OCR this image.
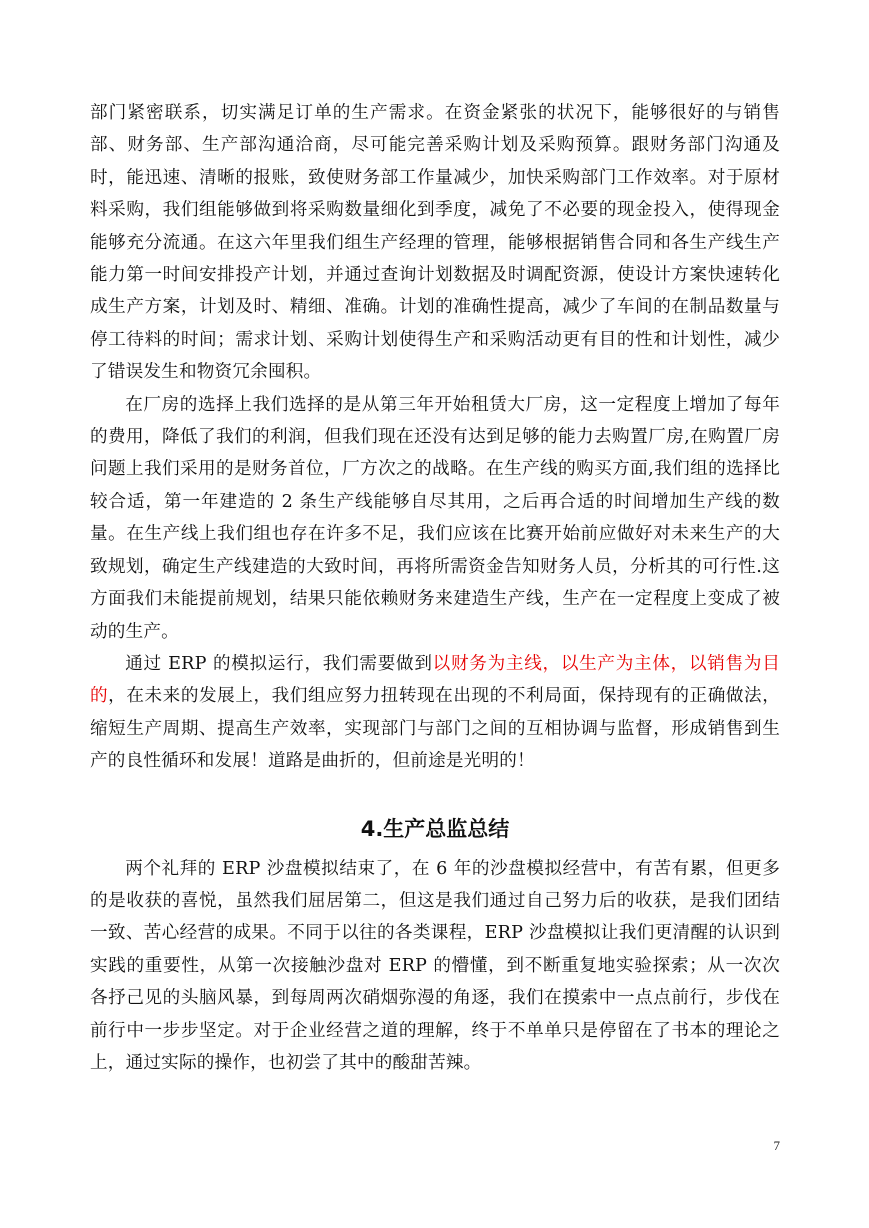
部门紧密联系，切实满足订单的生产需求。在资金紧张的状况下，能够很好的与销售部、财务部、生产部沟通洽商，尽可能完善采购计划及采购预算。跟财务部门沟通及时，能迅速、清晰的报账，致使财务部工作量减少，加快采购部门工作效率。对于原材料采购，我们组能够做到将采购数量细化到季度，减免了不必要的现金投入，使得现金能够充分流通。在这六年里我们组生产经理的管理，能够根据销售合同和各生产线生产能力第一时间安排投产计划，并通过查询计划数据及时调配资源，使设计方案快速转化成生产方案，计划及时、精细、准确。计划的准确性提高，减少了车间的在制品数量与停工待料的时间；需求计划、采购计划使得生产和采购活动更有目的性和计划性，减少了错误发生和物资冗余囤积。

在厂房的选择上我们选择的是从第三年开始租赁大厂房，这一定程度上增加了每年的费用，降低了我们的利润，但我们现在还没有达到足够的能力去购置厂房,在购置厂房问题上我们采用的是财务首位，厂方次之的战略。在生产线的购买方面,我们组的选择比较合适，第一年建造的 2 条生产线能够自尽其用，之后再合适的时间增加生产线的数量。在生产线上我们组也存在许多不足，我们应该在比赛开始前应做好对未来生产的大致规划，确定生产线建造的大致时间，再将所需资金告知财务人员，分析其的可行性.这方面我们未能提前规划，结果只能依赖财务来建造生产线，生产在一定程度上变成了被动的生产。

通过 ERP 的模拟运行，我们需要做到以财务为主线，以生产为主体，以销售为目的，在未来的发展上，我们组应努力扭转现在出现的不利局面，保持现有的正确做法，缩短生产周期、提高生产效率，实现部门与部门之间的互相协调与监督，形成销售到生产的良性循环和发展！道路是曲折的，但前途是光明的！

4.生产总监总结

两个礼拜的 ERP 沙盘模拟结束了，在 6 年的沙盘模拟经营中，有苦有累，但更多的是收获的喜悦，虽然我们屈居第二，但这是我们通过自己努力后的收获，是我们团结一致、苦心经营的成果。不同于以往的各类课程，ERP 沙盘模拟让我们更清醒的认识到实践的重要性，从第一次接触沙盘对 ERP 的懵懂，到不断重复地实验探索；从一次次各抒己见的头脑风暴，到每周两次硝烟弥漫的角逐，我们在摸索中一点点前行，步伐在前行中一步步坚定。对于企业经营之道的理解，终于不单单只是停留在了书本的理论之上，通过实际的操作，也初尝了其中的酸甜苦辣。

7
